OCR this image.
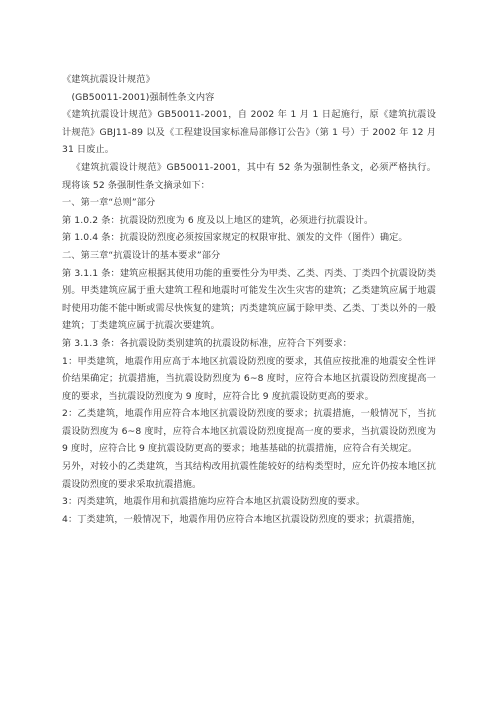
《建筑抗震设计规范》

(GB50011-2001)强制性条文内容

《建筑抗震设计规范》GB50011-2001，自 2002 年 1 月 1 日起施行，原《建筑抗震设计规范》GBJ11-89 以及《工程建设国家标准局部修订公告》（第 1 号）于 2002 年 12 月 31 日废止。

《建筑抗震设计规范》GB50011-2001，其中有 52 条为强制性条文，必须严格执行。现将该 52 条强制性条文摘录如下：

一、第一章“总则”部分

第 1.0.2 条：抗震设防烈度为 6 度及以上地区的建筑，必须进行抗震设计。

第 1.0.4 条：抗震设防烈度必须按国家规定的权限审批、颁发的文件（图件）确定。

二、第三章“抗震设计的基本要求”部分

第 3.1.1 条：建筑应根据其使用功能的重要性分为甲类、乙类、丙类、丁类四个抗震设防类别。甲类建筑应属于重大建筑工程和地震时可能发生次生灾害的建筑；乙类建筑应属于地震时使用功能不能中断或需尽快恢复的建筑；丙类建筑应属于除甲类、乙类、丁类以外的一般建筑；丁类建筑应属于抗震次要建筑。

第 3.1.3 条：各抗震设防类别建筑的抗震设防标准，应符合下列要求：

1：甲类建筑，地震作用应高于本地区抗震设防烈度的要求，其值应按批准的地震安全性评价结果确定；抗震措施，当抗震设防烈度为 6~8 度时，应符合本地区抗震设防烈度提高一度的要求，当抗震设防烈度为 9 度时，应符合比 9 度抗震设防更高的要求。

2：乙类建筑，地震作用应符合本地区抗震设防烈度的要求；抗震措施，一般情况下，当抗震设防烈度为 6~8 度时，应符合本地区抗震设防烈度提高一度的要求，当抗震设防烈度为 9 度时，应符合比 9 度抗震设防更高的要求；地基基础的抗震措施，应符合有关规定。

另外，对较小的乙类建筑，当其结构改用抗震性能较好的结构类型时，应允许仍按本地区抗震设防烈度的要求采取抗震措施。

3：丙类建筑，地震作用和抗震措施均应符合本地区抗震设防烈度的要求。

4：丁类建筑，一般情况下，地震作用仍应符合本地区抗震设防烈度的要求；抗震措施，
